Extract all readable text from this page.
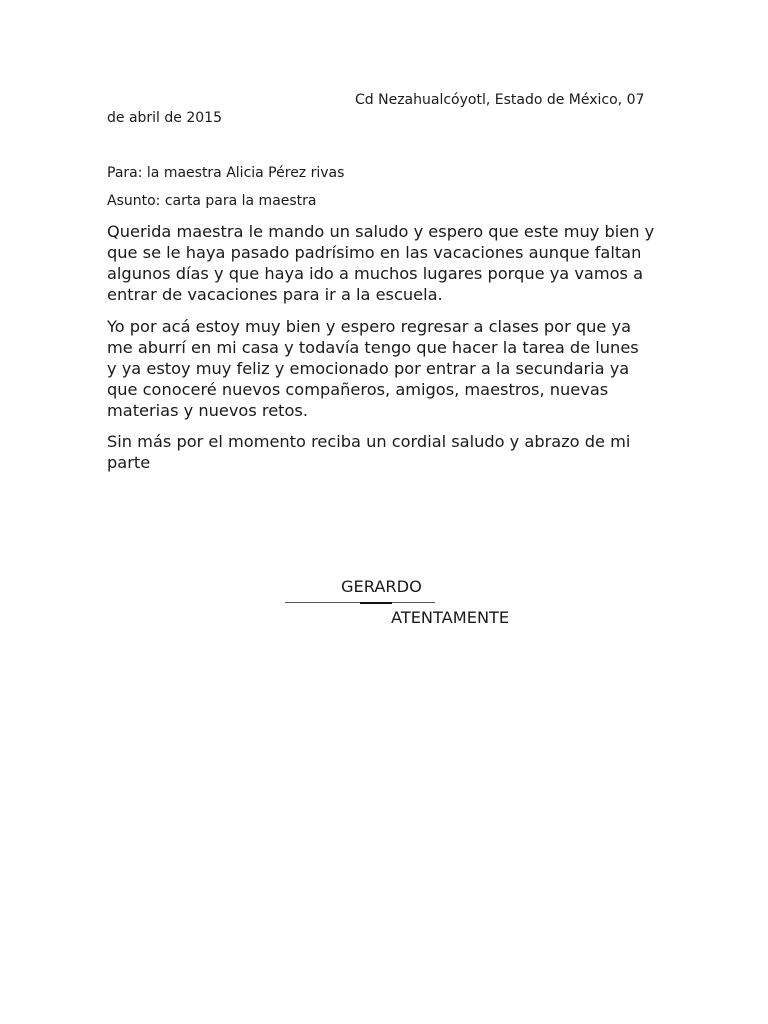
Cd Nezahualcóyotl, Estado de México, 07
de abril de 2015
Para: la maestra Alicia Pérez rivas
Asunto: carta para la maestra
Querida maestra le mando un saludo y espero que este muy bien y
que se le haya pasado padrísimo en las vacaciones aunque faltan
algunos días y que haya ido a muchos lugares porque ya vamos a
entrar de vacaciones para ir a la escuela.
Yo por acá estoy muy bien y espero regresar a clases por que ya
me aburrí en mi casa y todavía tengo que hacer la tarea de lunes
y ya estoy muy feliz y emocionado por entrar a la secundaria ya
que conoceré nuevos compañeros, amigos, maestros, nuevas
materias y nuevos retos.
Sin más por el momento reciba un cordial saludo y abrazo de mi
parte
GERARDO
ATENTAMENTE
